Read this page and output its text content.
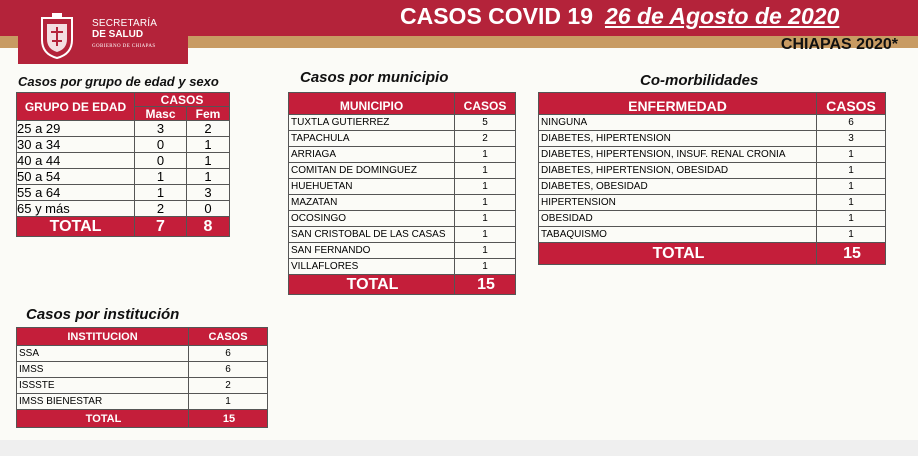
SECRETARÍA
DE SALUD
GOBIERNO DE CHIAPAS
CASOS COVID 19 26 de Agosto de 2020
CHIAPAS 2020*
Casos por grupo de edad y sexo	Casos por municipio	Co-morbilidades
Casos por institución
GRUPO DE EDAD	CASOS	
	Masc	Fem
25 a 29	3	2
30 a 34	0	1
40 a 44	0	1
50 a 54	1	1
55 a 64	1	3
65 y más	2	0
TOTAL	7	8
MUNICIPIO	CASOS
TUXTLA GUTIERREZ	5
TAPACHULA	2
ARRIAGA	1
COMITAN DE DOMINGUEZ	1
HUEHUETAN	1
MAZATAN	1
OCOSINGO	1
SAN CRISTOBAL DE LAS CASAS	1
SAN FERNANDO	1
VILLAFLORES	1
TOTAL	15
ENFERMEDAD	CASOS
NINGUNA	6
DIABETES, HIPERTENSION	3
DIABETES, HIPERTENSION, INSUF. RENAL CRONIA	1
DIABETES, HIPERTENSION, OBESIDAD	1
DIABETES, OBESIDAD	1
HIPERTENSION	1
OBESIDAD	1
TABAQUISMO	1
TOTAL	15
INSTITUCION	CASOS
SSA	6
IMSS	6
ISSSTE	2
IMSS BIENESTAR	1
TOTAL	15
